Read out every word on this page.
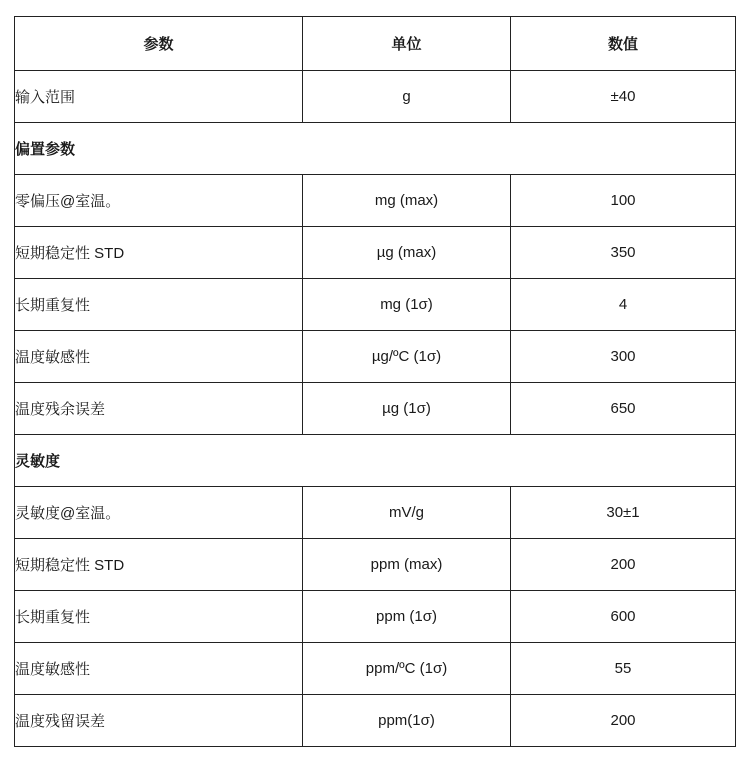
参数	单位	数值
输入范围	g	±40
偏置参数		
零偏压@室温。	mg (max)	100
短期稳定性 STD	µg (max)	350
长期重复性	mg (1σ)	4
温度敏感性	µg/ºC (1σ)	300
温度残余误差	µg (1σ)	650
灵敏度		
灵敏度@室温。	mV/g	30±1
短期稳定性 STD	ppm (max)	200
长期重复性	ppm (1σ)	600
温度敏感性	ppm/ºC (1σ)	55
温度残留误差	ppm(1σ)	200
